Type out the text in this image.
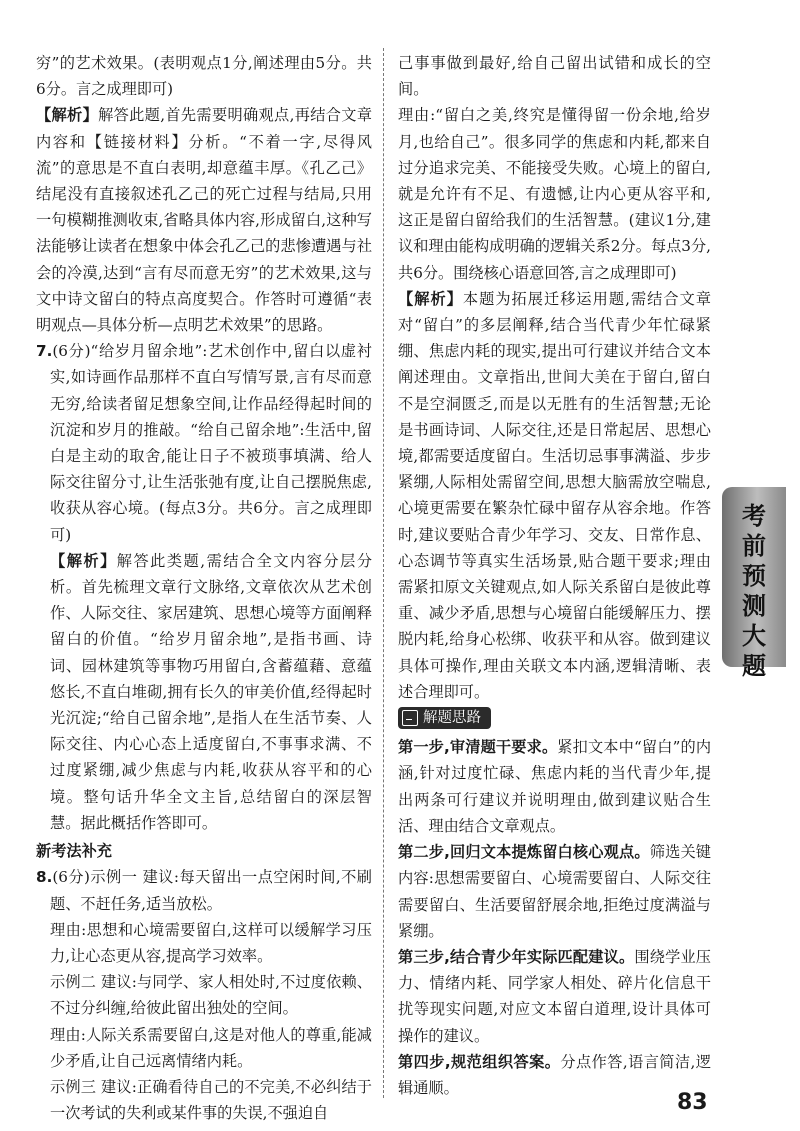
穷”的艺术效果。(表明观点1分,阐述理由5分。共6分。言之成理即可)

【解析】解答此题,首先需要明确观点,再结合文章内容和【链接材料】分析。“不着一字,尽得风流”的意思是不直白表明,却意蕴丰厚。《孔乙己》结尾没有直接叙述孔乙己的死亡过程与结局,只用一句模糊推测收束,省略具体内容,形成留白,这种写法能够让读者在想象中体会孔乙己的悲惨遭遇与社会的冷漠,达到“言有尽而意无穷”的艺术效果,这与文中诗文留白的特点高度契合。作答时可遵循“表明观点—具体分析—点明艺术效果”的思路。

7.(6分)“给岁月留余地”:艺术创作中,留白以虚衬实,如诗画作品那样不直白写情写景,言有尽而意无穷,给读者留足想象空间,让作品经得起时间的沉淀和岁月的推敲。“给自己留余地”:生活中,留白是主动的取舍,能让日子不被琐事填满、给人际交往留分寸,让生活张弛有度,让自己摆脱焦虑,收获从容心境。(每点3分。共6分。言之成理即可)

【解析】解答此类题,需结合全文内容分层分析。首先梳理文章行文脉络,文章依次从艺术创作、人际交往、家居建筑、思想心境等方面阐释留白的价值。“给岁月留余地”,是指书画、诗词、园林建筑等事物巧用留白,含蓄蕴藉、意蕴悠长,不直白堆砌,拥有长久的审美价值,经得起时光沉淀;“给自己留余地”,是指人在生活节奏、人际交往、内心心态上适度留白,不事事求满、不过度紧绷,减少焦虑与内耗,收获从容平和的心境。整句话升华全文主旨,总结留白的深层智慧。据此概括作答即可。

新考法补充

8.(6分)示例一 建议:每天留出一点空闲时间,不刷题、不赶任务,适当放松。

理由:思想和心境需要留白,这样可以缓解学习压力,让心态更从容,提高学习效率。

示例二 建议:与同学、家人相处时,不过度依赖、不过分纠缠,给彼此留出独处的空间。

理由:人际关系需要留白,这是对他人的尊重,能减少矛盾,让自己远离情绪内耗。

示例三 建议:正确看待自己的不完美,不必纠结于一次考试的失利或某件事的失误,不强迫自

己事事做到最好,给自己留出试错和成长的空间。

理由:“留白之美,终究是懂得留一份余地,给岁月,也给自己”。很多同学的焦虑和内耗,都来自过分追求完美、不能接受失败。心境上的留白,就是允许有不足、有遗憾,让内心更从容平和,这正是留白留给我们的生活智慧。(建议1分,建议和理由能构成明确的逻辑关系2分。每点3分,共6分。围绕核心语意回答,言之成理即可)

【解析】本题为拓展迁移运用题,需结合文章对“留白”的多层阐释,结合当代青少年忙碌紧绷、焦虑内耗的现实,提出可行建议并结合文本阐述理由。文章指出,世间大美在于留白,留白不是空洞匮乏,而是以无胜有的生活智慧;无论是书画诗词、人际交往,还是日常起居、思想心境,都需要适度留白。生活切忌事事满溢、步步紧绷,人际相处需留空间,思想大脑需放空喘息,心境更需要在繁杂忙碌中留存从容余地。作答时,建议要贴合青少年学习、交友、日常作息、心态调节等真实生活场景,贴合题干要求;理由需紧扣原文关键观点,如人际关系留白是彼此尊重、减少矛盾,思想与心境留白能缓解压力、摆脱内耗,给身心松绑、收获平和从容。做到建议具体可操作,理由关联文本内涵,逻辑清晰、表述合理即可。

解题思路

第一步,审清题干要求。紧扣文本中“留白”的内涵,针对过度忙碌、焦虑内耗的当代青少年,提出两条可行建议并说明理由,做到建议贴合生活、理由结合文章观点。

第二步,回归文本提炼留白核心观点。筛选关键内容:思想需要留白、心境需要留白、人际交往需要留白、生活要留舒展余地,拒绝过度满溢与紧绷。

第三步,结合青少年实际匹配建议。围绕学业压力、情绪内耗、同学家人相处、碎片化信息干扰等现实问题,对应文本留白道理,设计具体可操作的建议。

第四步,规范组织答案。分点作答,语言简洁,逻辑通顺。

考前预测大题
83
